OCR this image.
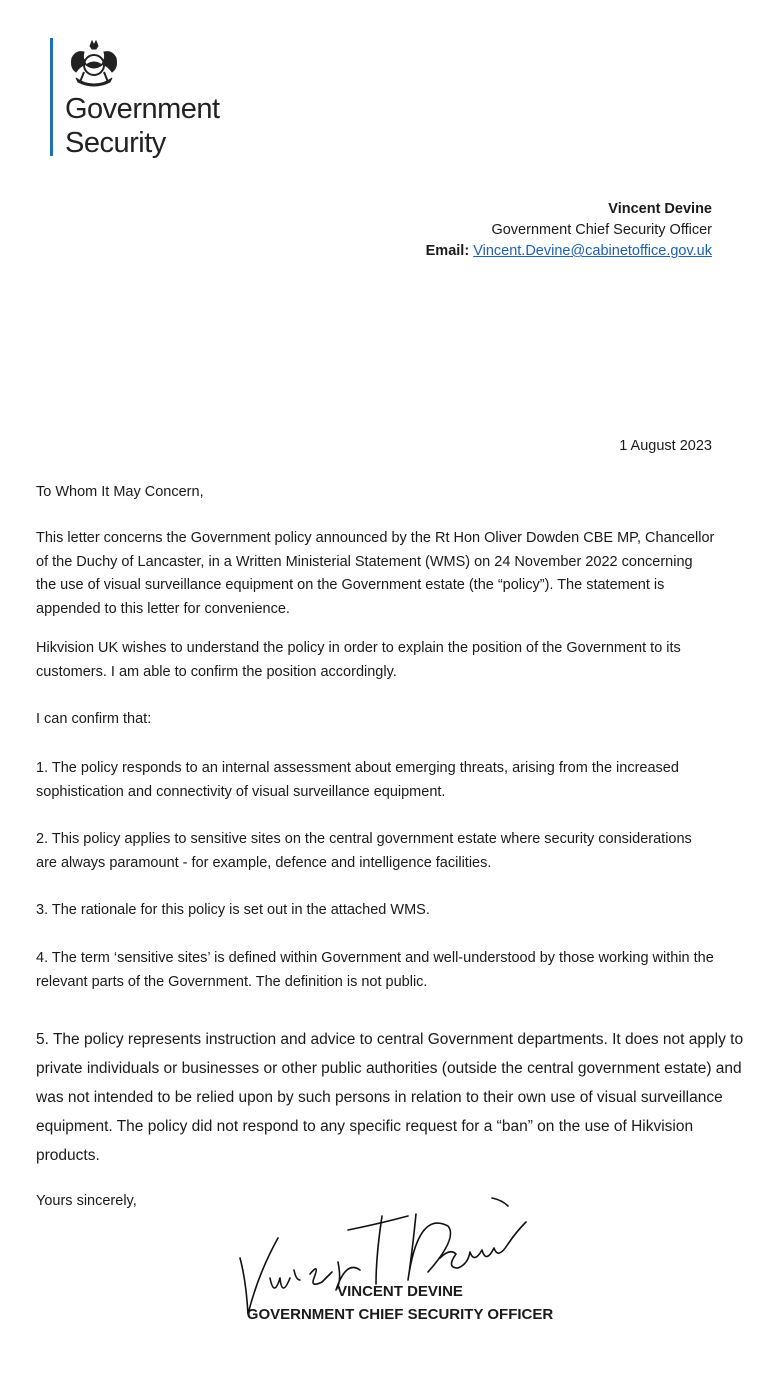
Government
Security
Vincent Devine
Government Chief Security Officer
Email: Vincent.Devine@cabinetoffice.gov.uk
1 August 2023
To Whom It May Concern,
This letter concerns the Government policy announced by the Rt Hon Oliver Dowden CBE MP, Chancellor of the Duchy of Lancaster, in a Written Ministerial Statement (WMS) on 24 November 2022 concerning the use of visual surveillance equipment on the Government estate (the “policy”). The statement is appended to this letter for convenience.
Hikvision UK wishes to understand the policy in order to explain the position of the Government to its customers. I am able to confirm the position accordingly.
I can confirm that:
1. The policy responds to an internal assessment about emerging threats, arising from the increased sophistication and connectivity of visual surveillance equipment.
2. This policy applies to sensitive sites on the central government estate where security considerations are always paramount - for example, defence and intelligence facilities.
3. The rationale for this policy is set out in the attached WMS.
4. The term ‘sensitive sites’ is defined within Government and well-understood by those working within the relevant parts of the Government. The definition is not public.
5. The policy represents instruction and advice to central Government departments. It does not apply to private individuals or businesses or other public authorities (outside the central government estate) and was not intended to be relied upon by such persons in relation to their own use of visual surveillance equipment. The policy did not respond to any specific request for a “ban” on the use of Hikvision products.
Yours sincerely,
VINCENT DEVINE
GOVERNMENT CHIEF SECURITY OFFICER
